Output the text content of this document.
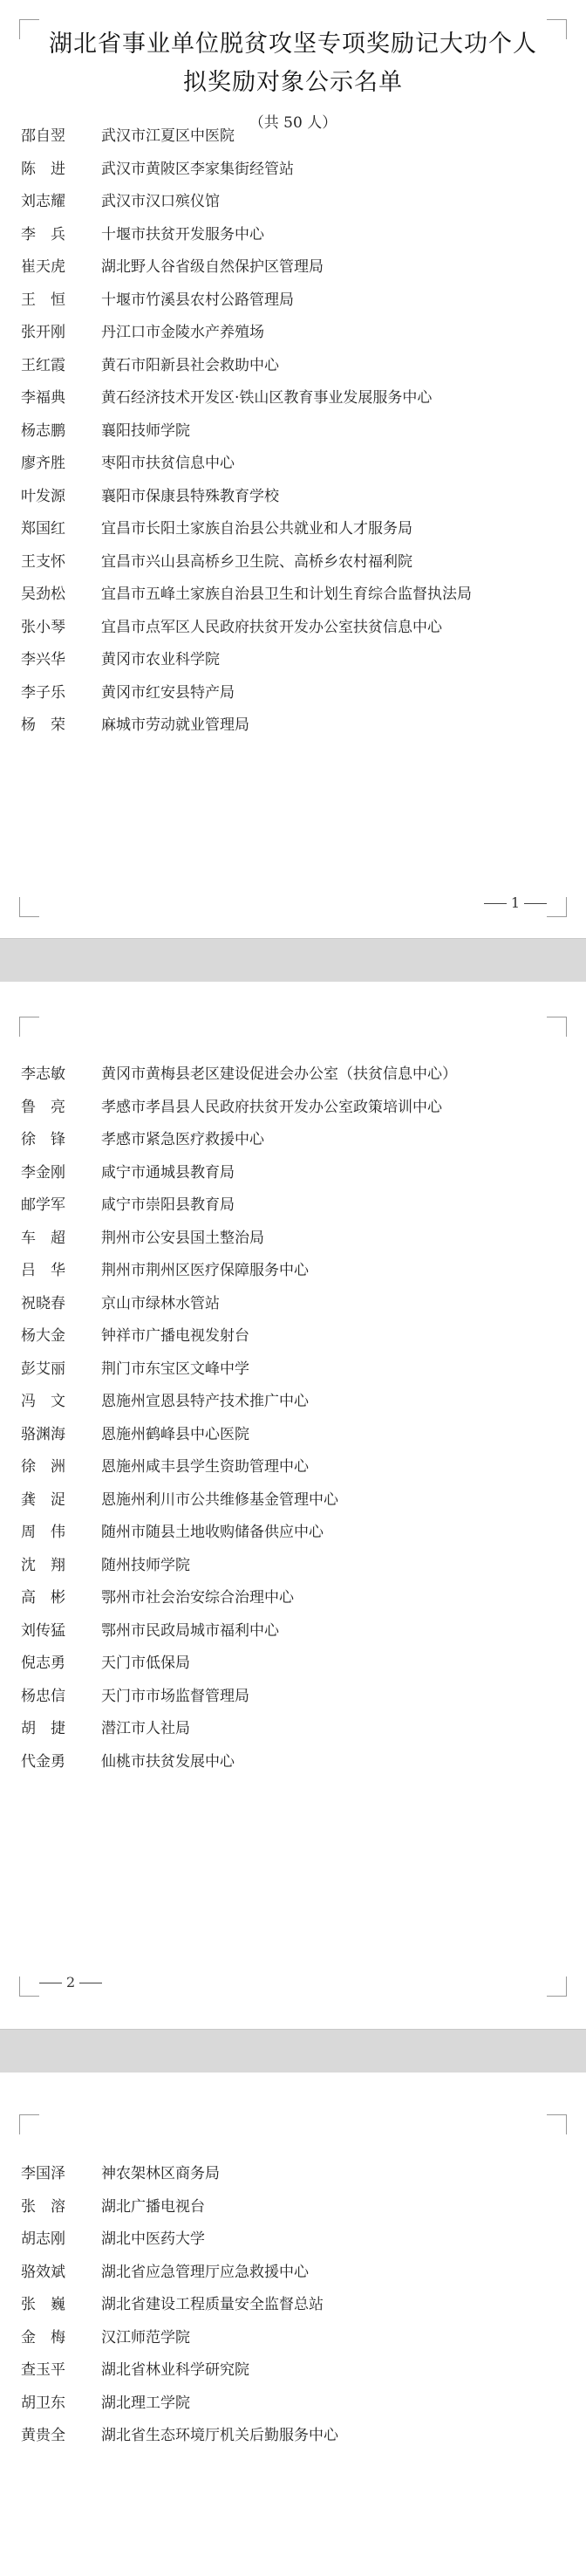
湖北省事业单位脱贫攻坚专项奖励记大功个人
拟奖励对象公示名单
（共 50 人）
邵自翌 武汉市江夏区中医院
陈　进 武汉市黄陂区李家集街经管站
刘志耀 武汉市汉口殡仪馆
李　兵 十堰市扶贫开发服务中心
崔天虎 湖北野人谷省级自然保护区管理局
王　恒 十堰市竹溪县农村公路管理局
张开刚 丹江口市金陵水产养殖场
王红霞 黄石市阳新县社会救助中心
李福典 黄石经济技术开发区·铁山区教育事业发展服务中心
杨志鹏 襄阳技师学院
廖齐胜 枣阳市扶贫信息中心
叶发源 襄阳市保康县特殊教育学校
郑国红 宜昌市长阳土家族自治县公共就业和人才服务局
王支怀 宜昌市兴山县高桥乡卫生院、高桥乡农村福利院
吴劲松 宜昌市五峰土家族自治县卫生和计划生育综合监督执法局
张小琴 宜昌市点军区人民政府扶贫开发办公室扶贫信息中心
李兴华 黄冈市农业科学院
李子乐 黄冈市红安县特产局
杨　荣 麻城市劳动就业管理局
1
李志敏 黄冈市黄梅县老区建设促进会办公室（扶贫信息中心）
鲁　亮 孝感市孝昌县人民政府扶贫开发办公室政策培训中心
徐　锋 孝感市紧急医疗救援中心
李金刚 咸宁市通城县教育局
邮学军 咸宁市崇阳县教育局
车　超 荆州市公安县国土整治局
吕　华 荆州市荆州区医疗保障服务中心
祝晓春 京山市绿林水管站
杨大金 钟祥市广播电视发射台
彭艾丽 荆门市东宝区文峰中学
冯　文 恩施州宣恩县特产技术推广中心
骆渊海 恩施州鹤峰县中心医院
徐　洲 恩施州咸丰县学生资助管理中心
龚　浞 恩施州利川市公共维修基金管理中心
周　伟 随州市随县土地收购储备供应中心
沈　翔 随州技师学院
高　彬 鄂州市社会治安综合治理中心
刘传猛 鄂州市民政局城市福利中心
倪志勇 天门市低保局
杨忠信 天门市市场监督管理局
胡　捷 潜江市人社局
代金勇 仙桃市扶贫发展中心
2
李国泽 神农架林区商务局
张　溶 湖北广播电视台
胡志刚 湖北中医药大学
骆效斌 湖北省应急管理厅应急救援中心
张　巍 湖北省建设工程质量安全监督总站
金　梅 汉江师范学院
查玉平 湖北省林业科学研究院
胡卫东 湖北理工学院
黄贵全 湖北省生态环境厅机关后勤服务中心
